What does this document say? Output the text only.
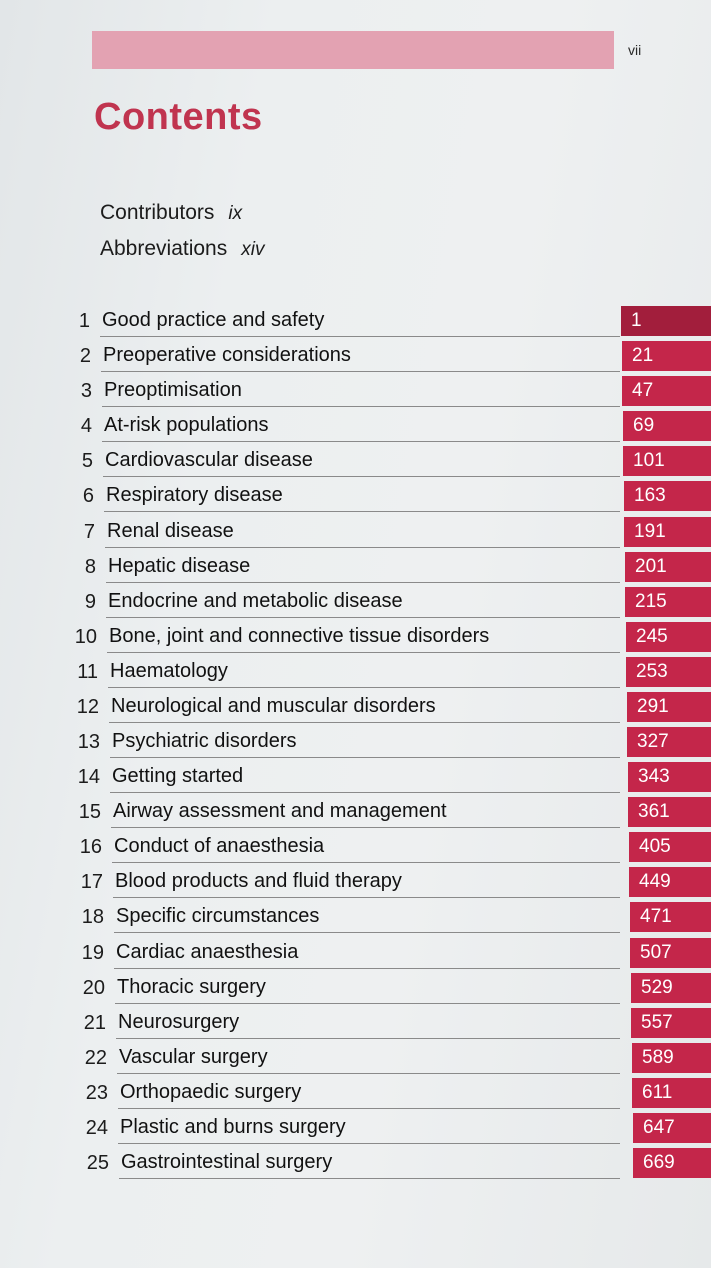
vii
Contents
Contributors ix
Abbreviations xiv
1 Good practice and safety	1
2 Preoperative considerations	21
3 Preoptimisation	47
4 At-risk populations	69
5 Cardiovascular disease	101
6 Respiratory disease	163
7 Renal disease	191
8 Hepatic disease	201
9 Endocrine and metabolic disease	215
10 Bone, joint and connective tissue disorders	245
11 Haematology	253
12 Neurological and muscular disorders	291
13 Psychiatric disorders	327
14 Getting started	343
15 Airway assessment and management	361
16 Conduct of anaesthesia	405
17 Blood products and fluid therapy	449
18 Specific circumstances	471
19 Cardiac anaesthesia	507
20 Thoracic surgery	529
21 Neurosurgery	557
22 Vascular surgery	589
23 Orthopaedic surgery	611
24 Plastic and burns surgery	647
25 Gastrointestinal surgery	669
